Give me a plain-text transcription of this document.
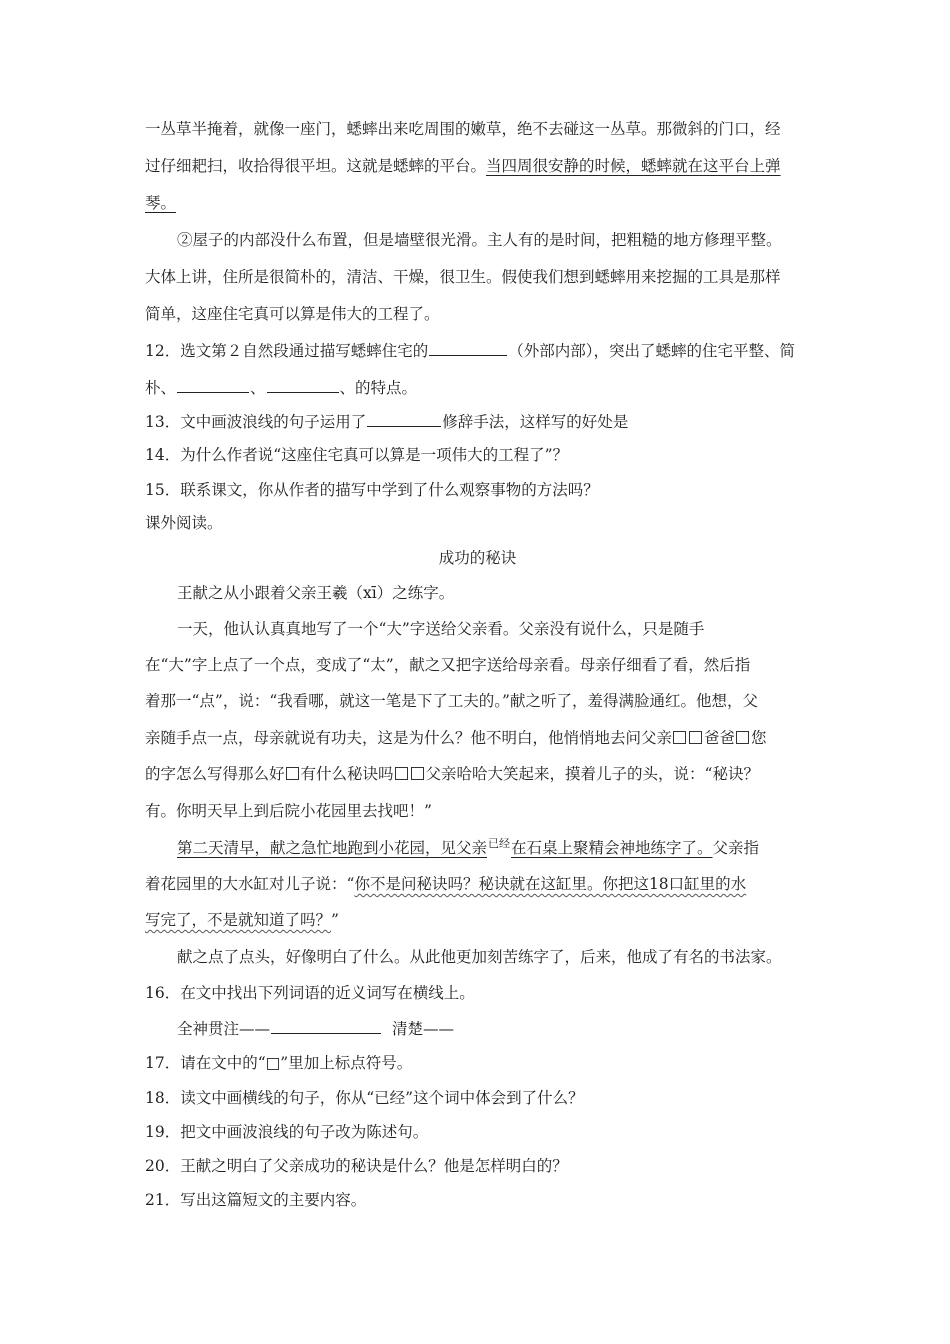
一丛草半掩着，就像一座门，蟋蟀出来吃周围的嫩草，绝不去碰这一丛草。那微斜的门口，经
过仔细耙扫，收拾得很平坦。这就是蟋蟀的平台。当四周很安静的时候，蟋蟀就在这平台上弹
琴。
②屋子的内部没什么布置，但是墙壁很光滑。主人有的是时间，把粗糙的地方修理平整。
大体上讲，住所是很简朴的，清洁、干燥，很卫生。假使我们想到蟋蟀用来挖掘的工具是那样
简单，这座住宅真可以算是伟大的工程了。
12．选文第２自然段通过描写蟋蟀住宅的	（外部内部），突出了蟋蟀的住宅平整、简
朴、	、	、的特点。
13．文中画波浪线的句子运用了	修辞手法，这样写的好处是
14．为什么作者说“这座住宅真可以算是一项伟大的工程了”？
15．联系课文，你从作者的描写中学到了什么观察事物的方法吗？
课外阅读。
成功的秘诀
王献之从小跟着父亲王羲（xī）之练字。
一天，他认认真真地写了一个“大”字送给父亲看。父亲没有说什么，只是随手
在“大”字上点了一个点，变成了“太”，献之又把字送给母亲看。母亲仔细看了看，然后指
着那一“点”，说：“我看哪，就这一笔是下了工夫的。”献之听了，羞得满脸通红。他想，父
亲随手点一点，母亲就说有功夫，这是为什么？他不明白，他悄悄地去问父亲 爸爸 您
的字怎么写得那么好 有什么秘诀吗 父亲哈哈大笑起来，摸着儿子的头，说：“秘诀？
有。你明天早上到后院小花园里去找吧！”
第二天清早，献之急忙地跑到小花园，见父亲$^{已经}$在石桌上聚精会神地练字了。父亲指
着花园里的大水缸对儿子说：“你不是问秘诀吗？秘诀就在这缸里。你把这18口缸里的水
写完了，不是就知道了吗？”
献之点了点头，好像明白了什么。从此他更加刻苦练字了，后来，他成了有名的书法家。
16．在文中找出下列词语的近义词写在横线上。
全神贯注——	清楚——
17．请在文中的“□”里加上标点符号。
18．读文中画横线的句子，你从“已经”这个词中体会到了什么？
19．把文中画波浪线的句子改为陈述句。
20．王献之明白了父亲成功的秘诀是什么？他是怎样明白的？
21．写出这篇短文的主要内容。
